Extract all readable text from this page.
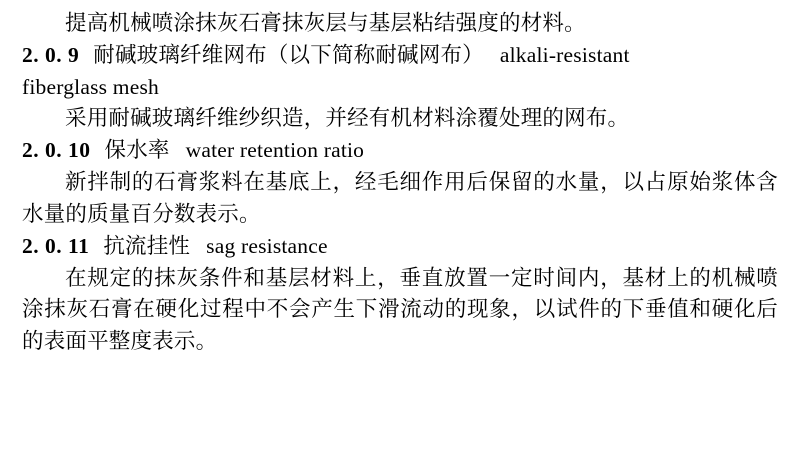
提高机械喷涂抹灰石膏抹灰层与基层粘结强度的材料。

2. 0. 9 耐碱玻璃纤维网布（以下简称耐碱网布） alkali-resistant

fiberglass mesh

采用耐碱玻璃纤维纱织造，并经有机材料涂覆处理的网布。

2. 0. 10 保水率 water retention ratio

新拌制的石膏浆料在基底上，经毛细作用后保留的水量，以占原始浆体含水量的质量百分数表示。

2. 0. 11 抗流挂性 sag resistance

在规定的抹灰条件和基层材料上，垂直放置一定时间内，基材上的机械喷涂抹灰石膏在硬化过程中不会产生下滑流动的现象，以试件的下垂值和硬化后的表面平整度表示。
